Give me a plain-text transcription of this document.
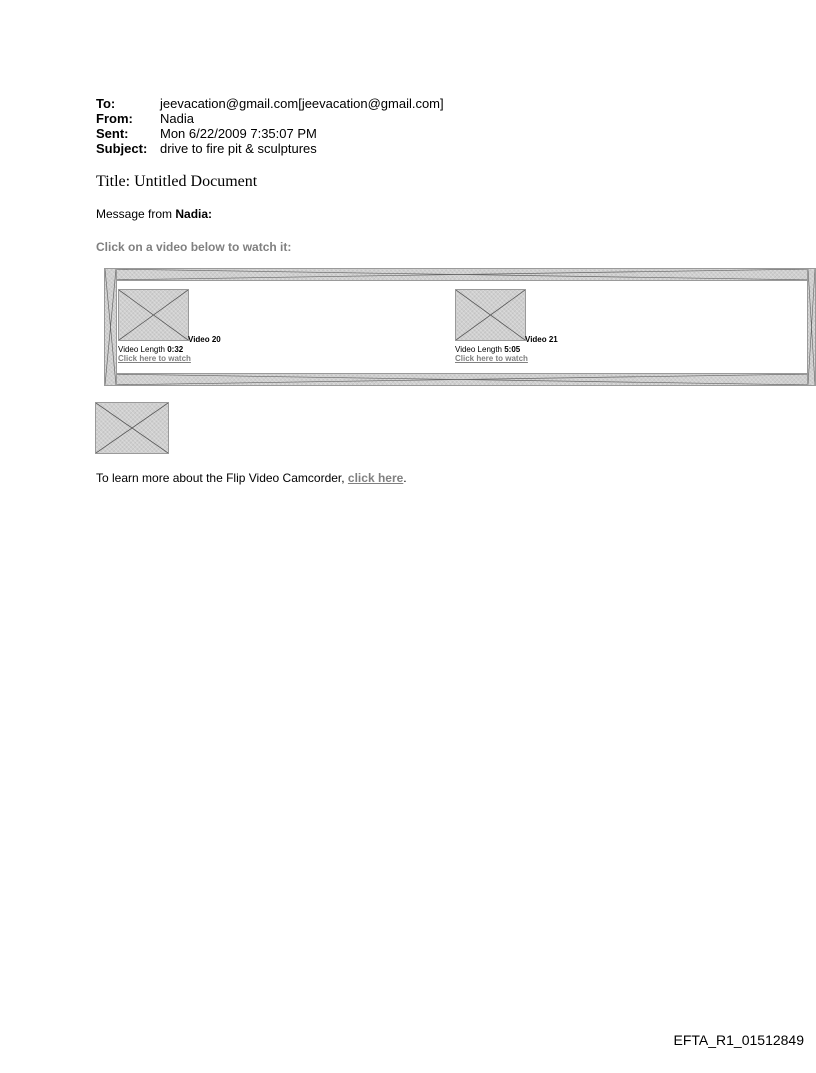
To:	jeevacation@gmail.com[jeevacation@gmail.com]
From:	Nadia
Sent:	Mon 6/22/2009 7:35:07 PM
Subject: drive to fire pit & sculptures
Title: Untitled Document
Message from Nadia:
Click on a video below to watch it:
Video 20
Video Length 0:32
Click here to watch
Video 21
Video Length 5:05
Click here to watch
To learn more about the Flip Video Camcorder, click here.
EFTA_R1_01512849
